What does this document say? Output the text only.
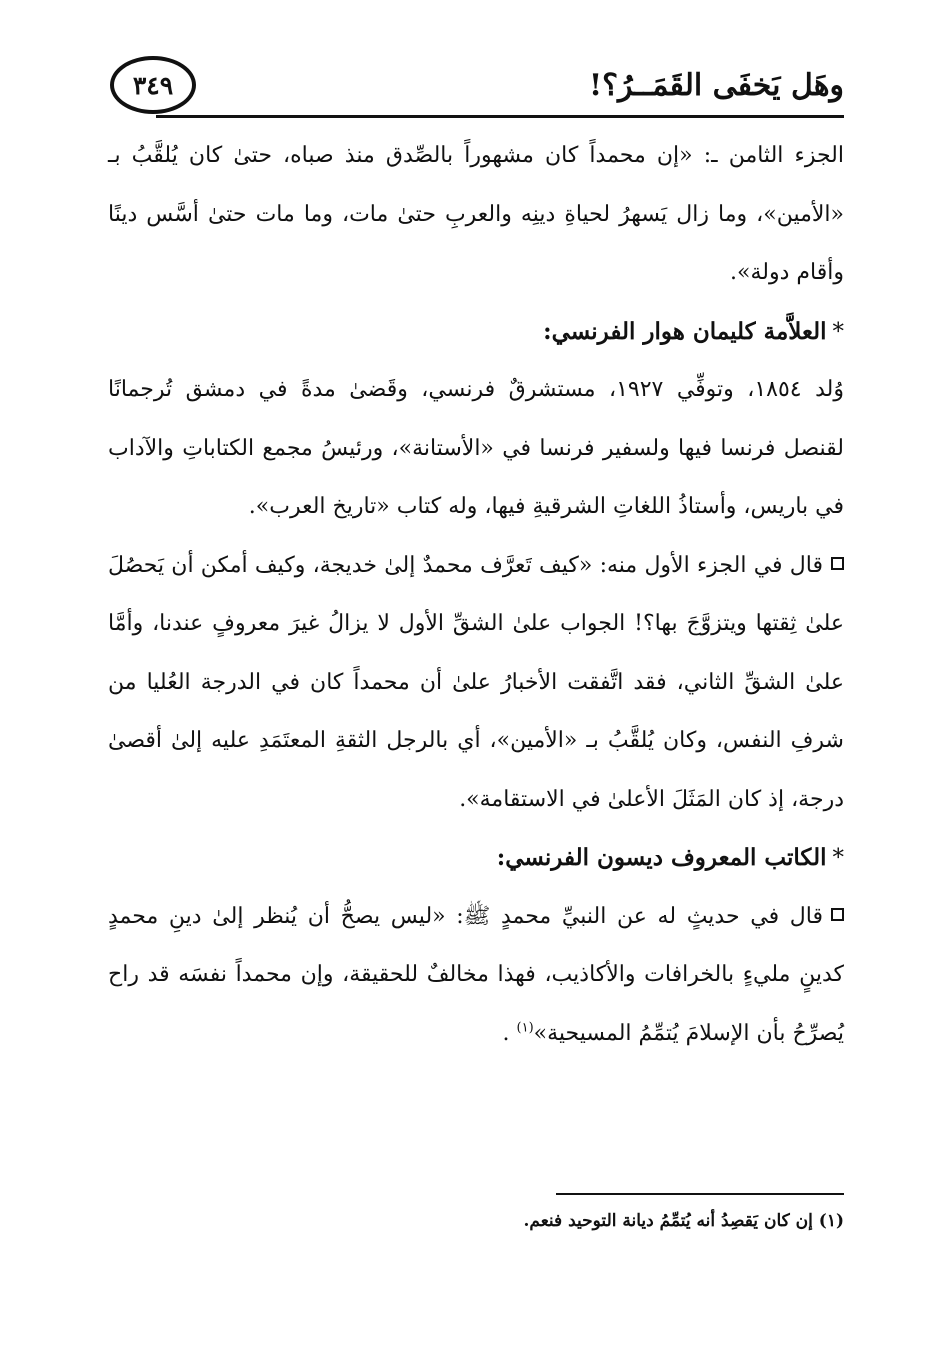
وهَل يَخفَى القَمَــرُ؟!
٣٤٩

الجزء الثامن ـ: «إن محمداً كان مشهوراً بالصِّدق منذ صباه، حتىٰ كان يُلقَّبُ بـ «الأمين»، وما زال يَسهرُ لحياةِ دينِه والعربِ حتىٰ مات، وما مات حتىٰ أسَّس دينًا وأقام دولة».

*العلاَّمة كليمان هوار الفرنسي:

وُلد ١٨٥٤، وتوفِّي ١٩٢٧، مستشرقٌ فرنسي، وقَضىٰ مدةً في دمشق تُرجمانًا لقنصل فرنسا فيها ولسفير فرنسا في «الأستانة»، ورئيسُ مجمع الكتاباتِ والآداب في باريس، وأستاذُ اللغاتِ الشرقيةِ فيها، وله كتاب «تاريخ العرب».

قال في الجزء الأول منه: «كيف تَعرَّف محمدٌ إلىٰ خديجة، وكيف أمكن أن يَحصُلَ علىٰ ثِقتها ويتزوَّجَ بها؟! الجواب علىٰ الشقِّ الأول لا يزالُ غيرَ معروفٍ عندنا، وأمَّا علىٰ الشقِّ الثاني، فقد اتَّفقت الأخبارُ علىٰ أن محمداً كان في الدرجة العُليا من شرفِ النفس، وكان يُلقَّبُ بـ «الأمين»، أي بالرجل الثقةِ المعتَمَدِ عليه إلىٰ أقصىٰ درجة، إذ كان المَثَلَ الأعلىٰ في الاستقامة».

*الكاتب المعروف ديسون الفرنسي:

قال في حديثٍ له عن النبيِّ محمدٍ ﷺ: «ليس يصحُّ أن يُنظر إلىٰ دينِ محمدٍ كدينٍ مليءٍ بالخرافات والأكاذيب، فهذا مخالفٌ للحقيقة، وإن محمداً نفسَه قد راح يُصرِّحُ بأن الإسلامَ يُتمِّمُ المسيحية»$^{(١)}$ .

(١) إن كان يَقصِدُ أنه يُتمِّمُ ديانة التوحيد فنعم.
